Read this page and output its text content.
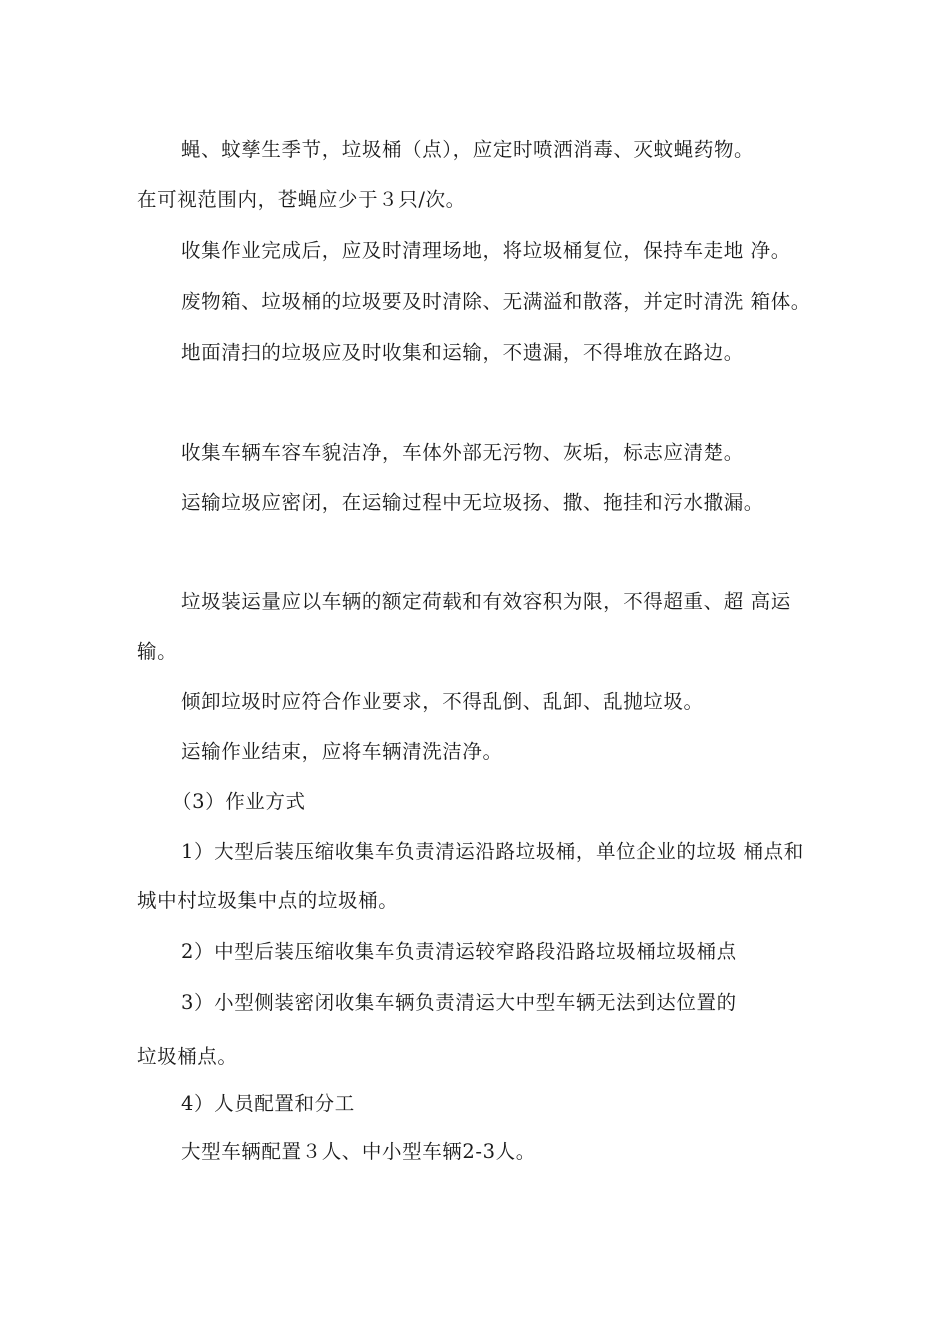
蝇、蚊孳生季节，垃圾桶（点），应定时喷洒消毒、灭蚊蝇药物。
在可视范围内，苍蝇应少于３只/次。
收集作业完成后，应及时清理场地，将垃圾桶复位，保持车走地 净。
废物箱、垃圾桶的垃圾要及时清除、无满溢和散落，并定时清洗 箱体。
地面清扫的垃圾应及时收集和运输，不遗漏，不得堆放在路边。
收集车辆车容车貌洁净，车体外部无污物、灰垢，标志应清楚。
运输垃圾应密闭，在运输过程中无垃圾扬、撒、拖挂和污水撒漏。
垃圾装运量应以车辆的额定荷载和有效容积为限，不得超重、超 高运
输。
倾卸垃圾时应符合作业要求，不得乱倒、乱卸、乱抛垃圾。
运输作业结束，应将车辆清洗洁净。
（3）作业方式
1）大型后装压缩收集车负责清运沿路垃圾桶，单位企业的垃圾 桶点和
城中村垃圾集中点的垃圾桶。
2）中型后装压缩收集车负责清运较窄路段沿路垃圾桶垃圾桶点
3）小型侧装密闭收集车辆负责清运大中型车辆无法到达位置的
垃圾桶点。
4）人员配置和分工
大型车辆配置３人、中小型车辆2-3人。
